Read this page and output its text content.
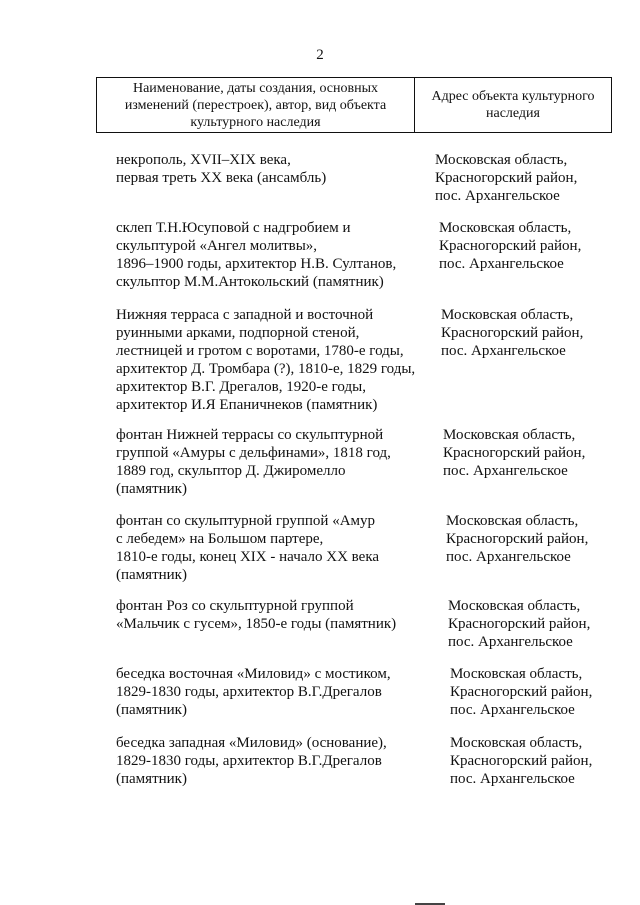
2
Наименование, даты создания, основных
изменений (перестроек), автор, вид объекта
культурного наследия
Адрес объекта культурного
наследия
некрополь, XVII–XIX века,
первая треть XX века (ансамбль)
Московская область,
Красногорский район,
пос. Архангельское
склеп Т.Н.Юсуповой с надгробием и
скульптурой «Ангел молитвы»,
1896–1900 годы, архитектор Н.В. Султанов,
скульптор М.М.Антокольский (памятник)
Московская область,
Красногорский район,
пос. Архангельское
Нижняя терраса с западной и восточной
руинными арками, подпорной стеной,
лестницей и гротом с воротами, 1780-е годы,
архитектор Д. Тромбара (?), 1810-е, 1829 годы,
архитектор В.Г. Дрегалов, 1920-е годы,
архитектор И.Я Епаничнеков (памятник)
Московская область,
Красногорский район,
пос. Архангельское
фонтан Нижней террасы со скульптурной
группой «Амуры с дельфинами», 1818 год,
1889 год, скульптор Д. Джиромелло
(памятник)
Московская область,
Красногорский район,
пос. Архангельское
фонтан со скульптурной группой «Амур
с лебедем» на Большом партере,
1810-е годы, конец XIX - начало XX века
(памятник)
Московская область,
Красногорский район,
пос. Архангельское
фонтан Роз со скульптурной группой
«Мальчик с гусем», 1850-е годы (памятник)
Московская область,
Красногорский район,
пос. Архангельское
беседка восточная «Миловид» с мостиком,
1829-1830 годы, архитектор В.Г.Дрегалов
(памятник)
Московская область,
Красногорский район,
пос. Архангельское
беседка западная «Миловид» (основание),
1829-1830 годы, архитектор В.Г.Дрегалов
(памятник)
Московская область,
Красногорский район,
пос. Архангельское
